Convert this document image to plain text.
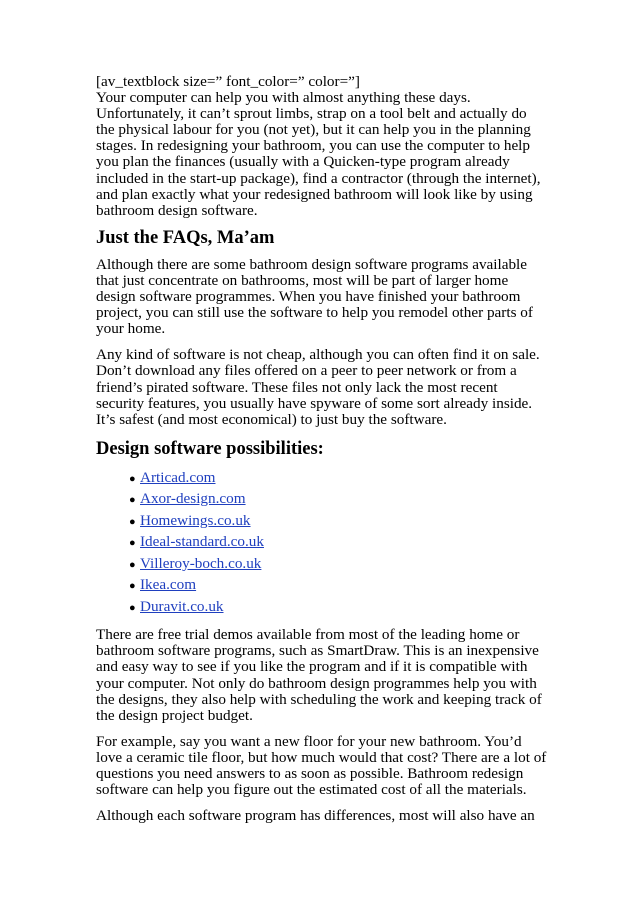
[av_textblock size=” font_color=” color=”]
Your computer can help you with almost anything these days. Unfortunately, it can’t sprout limbs, strap on a tool belt and actually do the physical labour for you (not yet), but it can help you in the planning stages. In redesigning your bathroom, you can use the computer to help you plan the finances (usually with a Quicken-type program already included in the start-up package), find a contractor (through the internet), and plan exactly what your redesigned bathroom will look like by using bathroom design software.

Just the FAQs, Ma’am

Although there are some bathroom design software programs available that just concentrate on bathrooms, most will be part of larger home design software programmes. When you have finished your bathroom project, you can still use the software to help you remodel other parts of your home.

Any kind of software is not cheap, although you can often find it on sale. Don’t download any files offered on a peer to peer network or from a friend’s pirated software. These files not only lack the most recent security features, you usually have spyware of some sort already inside. It’s safest (and most economical) to just buy the software.

Design software possibilities:
● Articad.com
● Axor-design.com
● Homewings.co.uk
● Ideal-standard.co.uk
● Villeroy-boch.co.uk
● Ikea.com
● Duravit.co.uk

There are free trial demos available from most of the leading home or bathroom software programs, such as SmartDraw. This is an inexpensive and easy way to see if you like the program and if it is compatible with your computer. Not only do bathroom design programmes help you with the designs, they also help with scheduling the work and keeping track of the design project budget.

For example, say you want a new floor for your new bathroom. You’d love a ceramic tile floor, but how much would that cost? There are a lot of questions you need answers to as soon as possible. Bathroom redesign software can help you figure out the estimated cost of all the materials.

Although each software program has differences, most will also have an
